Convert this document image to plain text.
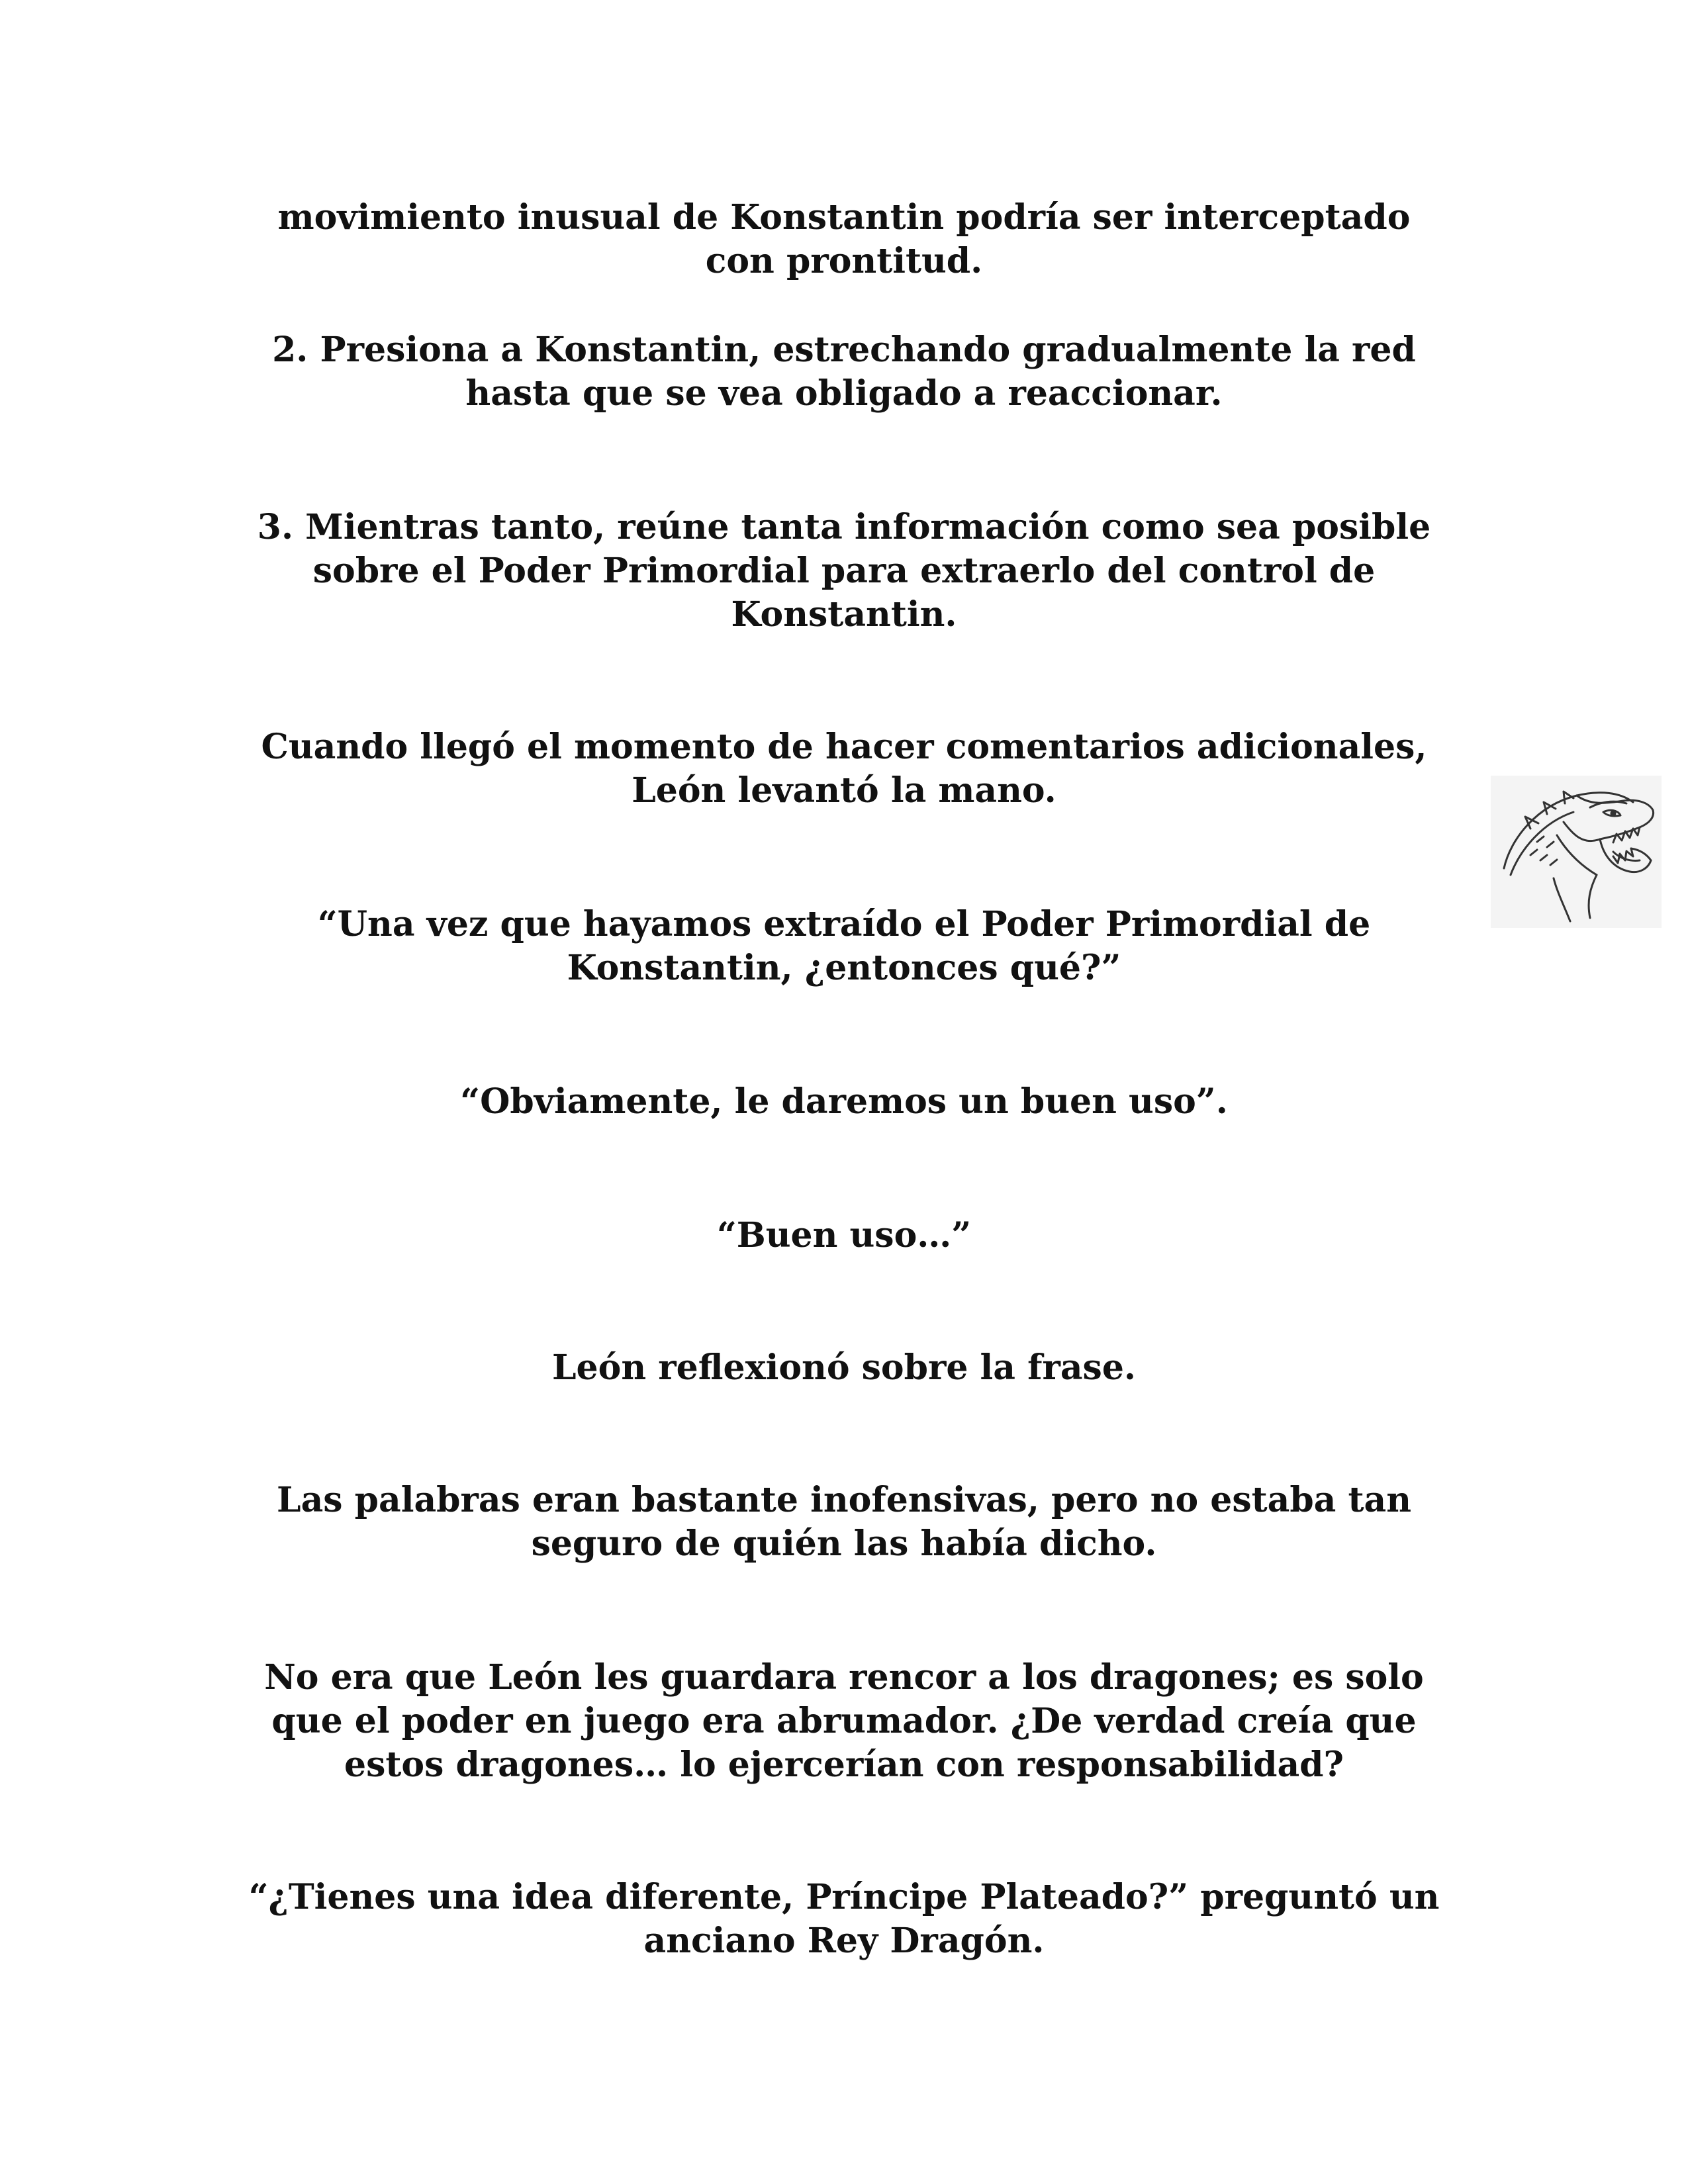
movimiento inusual de Konstantin podría ser interceptado
con prontitud.

2. Presiona a Konstantin, estrechando gradualmente la red
hasta que se vea obligado a reaccionar.

3. Mientras tanto, reúne tanta información como sea posible
sobre el Poder Primordial para extraerlo del control de
Konstantin.

Cuando llegó el momento de hacer comentarios adicionales,
León levantó la mano.

“Una vez que hayamos extraído el Poder Primordial de
Konstantin, ¿entonces qué?”

“Obviamente, le daremos un buen uso”.

“Buen uso…”

León reflexionó sobre la frase.

Las palabras eran bastante inofensivas, pero no estaba tan
seguro de quién las había dicho.

No era que León les guardara rencor a los dragones; es solo
que el poder en juego era abrumador. ¿De verdad creía que
estos dragones… lo ejercerían con responsabilidad?

“¿Tienes una idea diferente, Príncipe Plateado?” preguntó un
anciano Rey Dragón.
